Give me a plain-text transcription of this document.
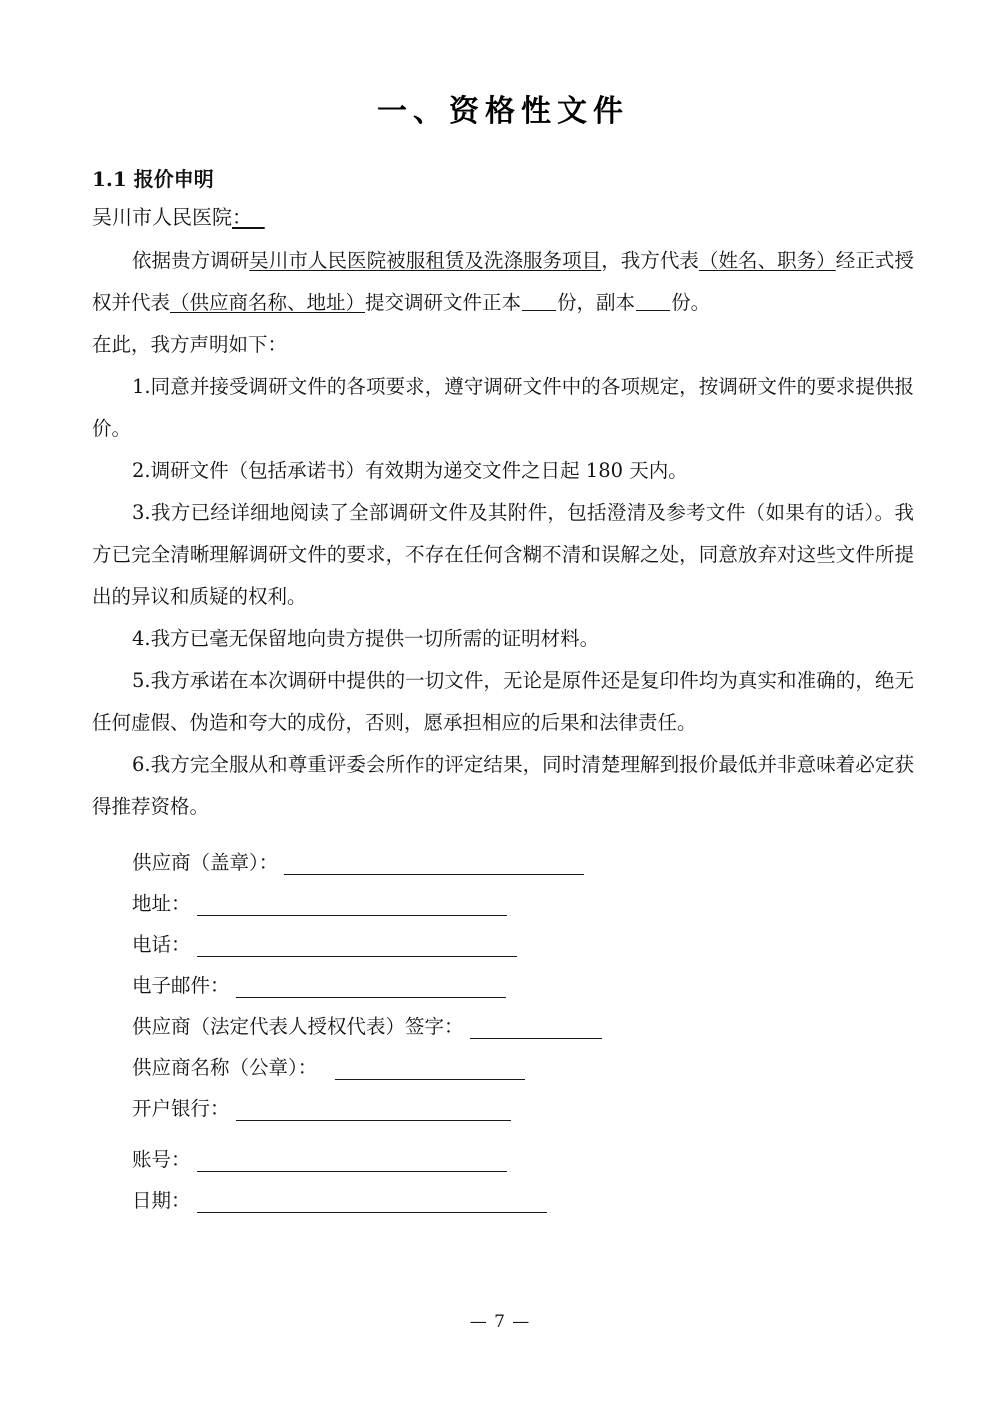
一、资格性文件
1.1 报价申明

吴川市人民医院：

依据贵方调研吴川市人民医院被服租赁及洗涤服务项目，我方代表（姓名、职务）经正式授权并代表（供应商名称、地址）提交调研文件正本 份，副本 份。

在此，我方声明如下：

1.同意并接受调研文件的各项要求，遵守调研文件中的各项规定，按调研文件的要求提供报价。

2.调研文件（包括承诺书）有效期为递交文件之日起 180 天内。

3.我方已经详细地阅读了全部调研文件及其附件，包括澄清及参考文件（如果有的话）。我方已完全清晰理解调研文件的要求，不存在任何含糊不清和误解之处，同意放弃对这些文件所提出的异议和质疑的权利。

4.我方已毫无保留地向贵方提供一切所需的证明材料。

5.我方承诺在本次调研中提供的一切文件，无论是原件还是复印件均为真实和准确的，绝无任何虚假、伪造和夸大的成份，否则，愿承担相应的后果和法律责任。

6.我方完全服从和尊重评委会所作的评定结果，同时清楚理解到报价最低并非意味着必定获得推荐资格。

供应商（盖章）：
地址：
电话：
电子邮件：
供应商（法定代表人授权代表）签字：
供应商名称（公章）：
开户银行：
账号：
日期：
— 7 —
